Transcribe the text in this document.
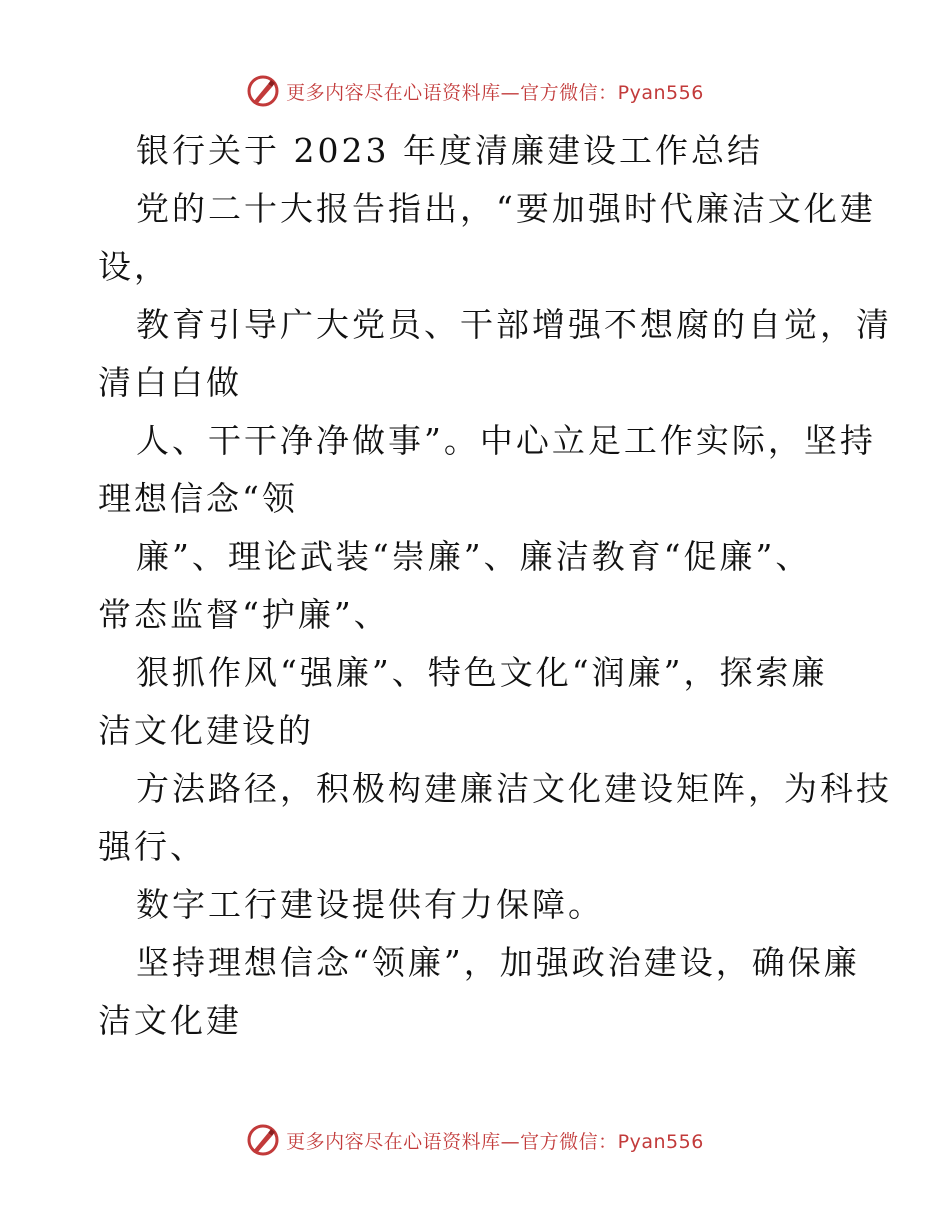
更多内容尽在心语资料库—官方微信：Pyan556
银行关于 2023 年度清廉建设工作总结
党的二十大报告指出，“要加强时代廉洁文化建
设，
教育引导广大党员、干部增强不想腐的自觉，清
清白白做
人、干干净净做事”。中心立足工作实际，坚持
理想信念“领
廉”、理论武装“崇廉”、廉洁教育“促廉”、
常态监督“护廉”、
狠抓作风“强廉”、特色文化“润廉”，探索廉
洁文化建设的
方法路径，积极构建廉洁文化建设矩阵，为科技
强行、
数字工行建设提供有力保障。
坚持理想信念“领廉”，加强政治建设，确保廉
洁文化建
更多内容尽在心语资料库—官方微信：Pyan556
